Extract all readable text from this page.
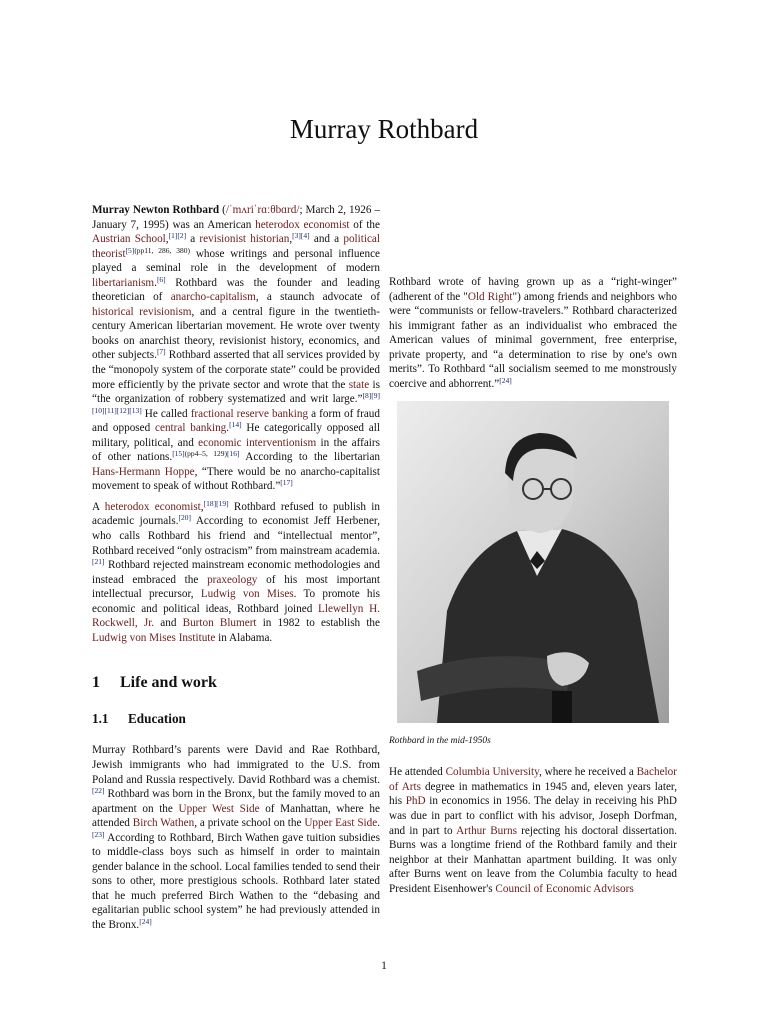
Murray Rothbard

Murray Newton Rothbard (/ˈmʌriˈrɑːθbɑrd/; March 2, 1926 – January 7, 1995) was an American heterodox economist of the Austrian School,[1][2] a revisionist historian,[3][4] and a political theorist$^{[5](pp11, 286, 380)}$ whose writings and personal influence played a seminal role in the development of modern libertarianism.[6] Rothbard was the founder and leading theoretician of anarcho-capitalism, a staunch advocate of historical revisionism, and a central figure in the twentieth-century American libertarian movement. He wrote over twenty books on anarchist theory, revisionist history, economics, and other subjects.[7] Rothbard asserted that all services provided by the “monopoly system of the corporate state” could be provided more efficiently by the private sector and wrote that the state is “the organization of robbery systematized and writ large.”[8][9][10][11][12][13] He called fractional reserve banking a form of fraud and opposed central banking.[14] He categorically opposed all military, political, and economic interventionism in the affairs of other nations.[15](pp4–5, 129)[16] According to the libertarian Hans-Hermann Hoppe, “There would be no anarcho-capitalist movement to speak of without Rothbard.”[17]

A heterodox economist,[18][19] Rothbard refused to publish in academic journals.[20] According to economist Jeff Herbener, who calls Rothbard his friend and “intellectual mentor”, Rothbard received “only ostracism” from mainstream academia.[21] Rothbard rejected mainstream economic methodologies and instead embraced the praxeology of his most important intellectual precursor, Ludwig von Mises. To promote his economic and political ideas, Rothbard joined Llewellyn H. Rockwell, Jr. and Burton Blumert in 1982 to establish the Ludwig von Mises Institute in Alabama.

1 Life and work
1.1 Education

Murray Rothbard’s parents were David and Rae Rothbard, Jewish immigrants who had immigrated to the U.S. from Poland and Russia respectively. David Rothbard was a chemist.[22] Rothbard was born in the Bronx, but the family moved to an apartment on the Upper West Side of Manhattan, where he attended Birch Wathen, a private school on the Upper East Side.[23] According to Rothbard, Birch Wathen gave tuition subsidies to middle-class boys such as himself in order to maintain gender balance in the school. Local families tended to send their sons to other, more prestigious schools. Rothbard later stated that he much preferred Birch Wathen to the “debasing and egalitarian public school system” he had previously attended in the Bronx.[24]

Rothbard wrote of having grown up as a “right-winger” (adherent of the "Old Right") among friends and neighbors who were “communists or fellow-travelers.” Rothbard characterized his immigrant father as an individualist who embraced the American values of minimal government, free enterprise, private property, and “a determination to rise by one's own merits”. To Rothbard “all socialism seemed to me monstrously coercive and abhorrent.”[24]

Rothbard in the mid-1950s

He attended Columbia University, where he received a Bachelor of Arts degree in mathematics in 1945 and, eleven years later, his PhD in economics in 1956. The delay in receiving his PhD was due in part to conflict with his advisor, Joseph Dorfman, and in part to Arthur Burns rejecting his doctoral dissertation. Burns was a longtime friend of the Rothbard family and their neighbor at their Manhattan apartment building. It was only after Burns went on leave from the Columbia faculty to head President Eisenhower's Council of Economic Advisors

1
